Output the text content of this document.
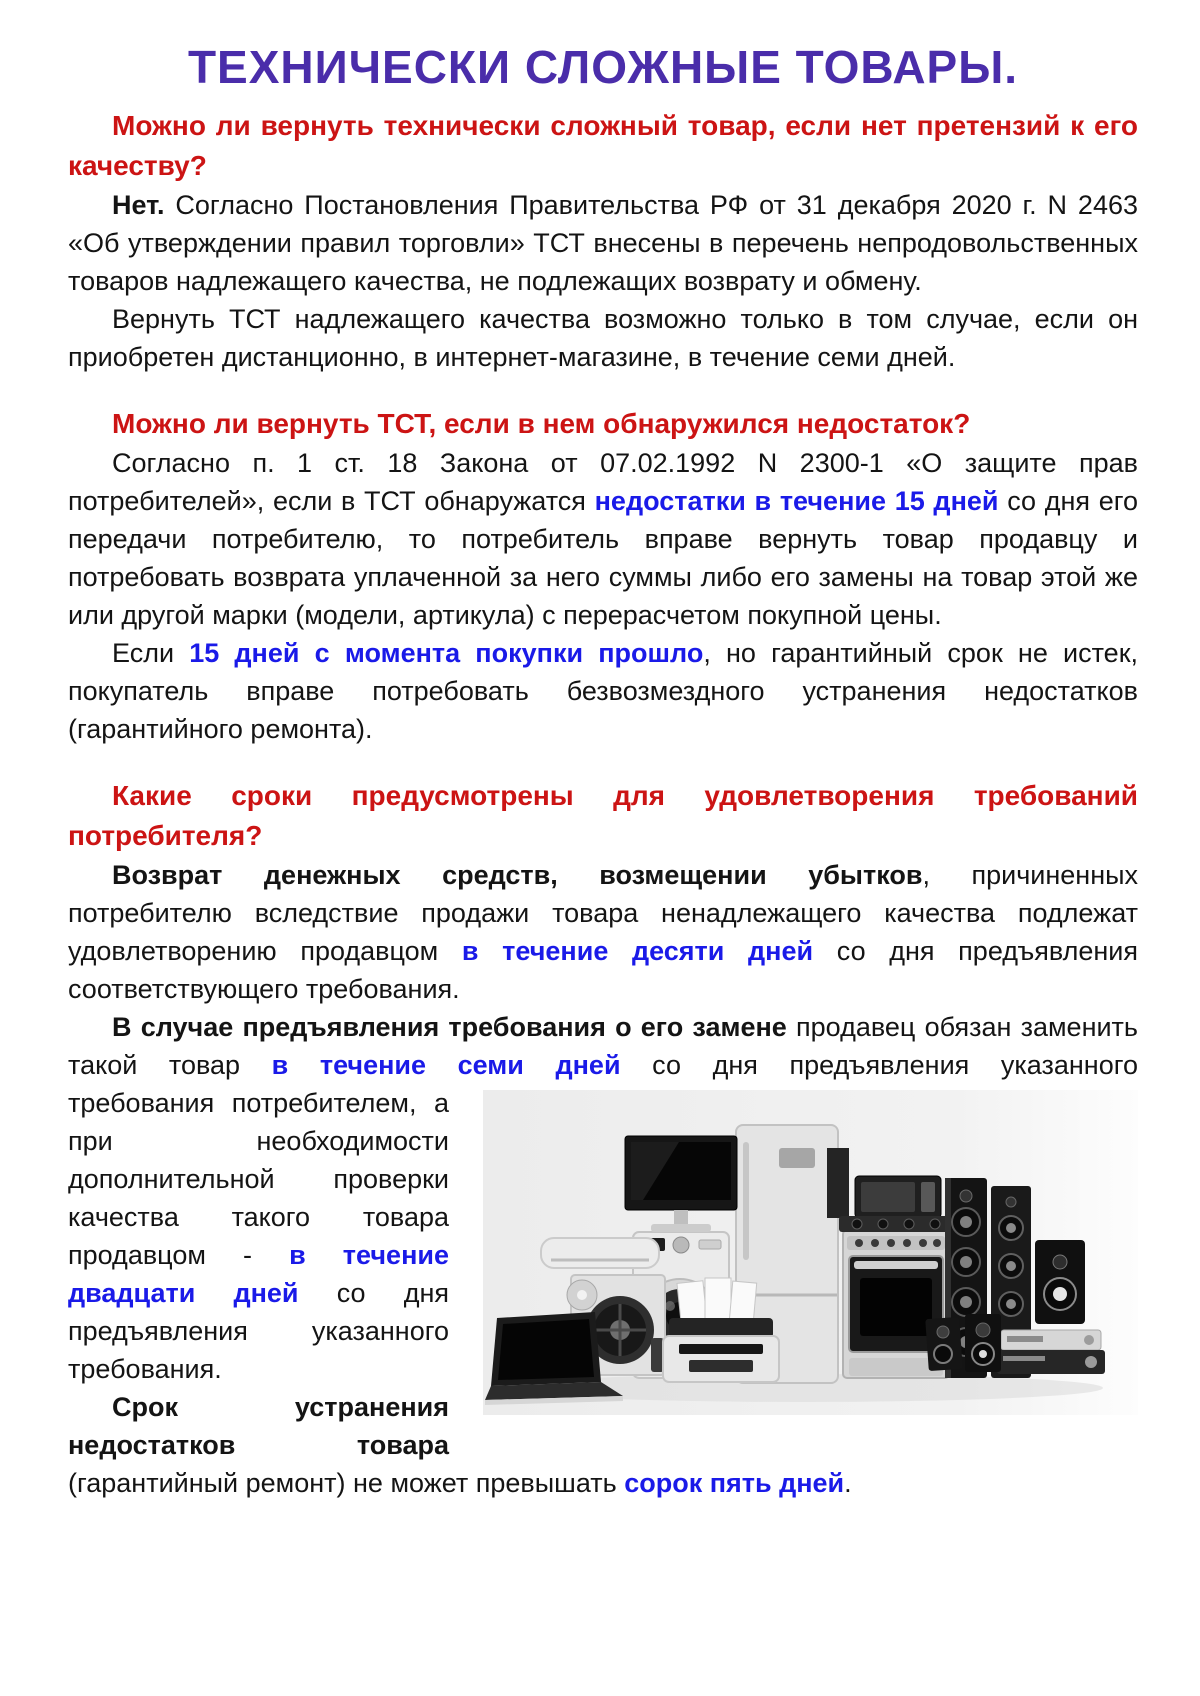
ТЕХНИЧЕСКИ СЛОЖНЫЕ ТОВАРЫ.
Можно ли вернуть технически сложный товар, если нет претензий к его качеству?

Нет. Согласно Постановления Правительства РФ от 31 декабря 2020 г. N 2463 «Об утверждении правил торговли» ТСТ внесены в перечень непродовольственных товаров надлежащего качества, не подлежащих возврату и обмену.

Вернуть ТСТ надлежащего качества возможно только в том случае, если он приобретен дистанционно, в интернет-магазине, в течение семи дней.

Можно ли вернуть ТСТ, если в нем обнаружился недостаток?

Согласно п. 1 ст. 18 Закона от 07.02.1992 N 2300-1 «О защите прав потребителей», если в ТСТ обнаружатся недостатки в течение 15 дней со дня его передачи потребителю, то потребитель вправе вернуть товар продавцу и потребовать возврата уплаченной за него суммы либо его замены на товар этой же или другой марки (модели, артикула) с перерасчетом покупной цены.

Если 15 дней с момента покупки прошло, но гарантийный срок не истек, покупатель вправе потребовать безвозмездного устранения недостатков (гарантийного ремонта).

Какие сроки предусмотрены для удовлетворения требований потребителя?

Возврат денежных средств, возмещении убытков, причиненных потребителю вследствие продажи товара ненадлежащего качества подлежат удовлетворению продавцом в течение десяти дней со дня предъявления соответствующего требования.

В случае предъявления требования о его замене продавец обязан заменить такой товар в течение семи дней со дня предъявления указанного

требования потребителем, а при необходимости дополнительной проверки качества такого товара продавцом - в течение двадцати дней со дня предъявления указанного требования.

Срок устранения недостатков товара (гарантийный ремонт) не может превышать сорок пять дней.
